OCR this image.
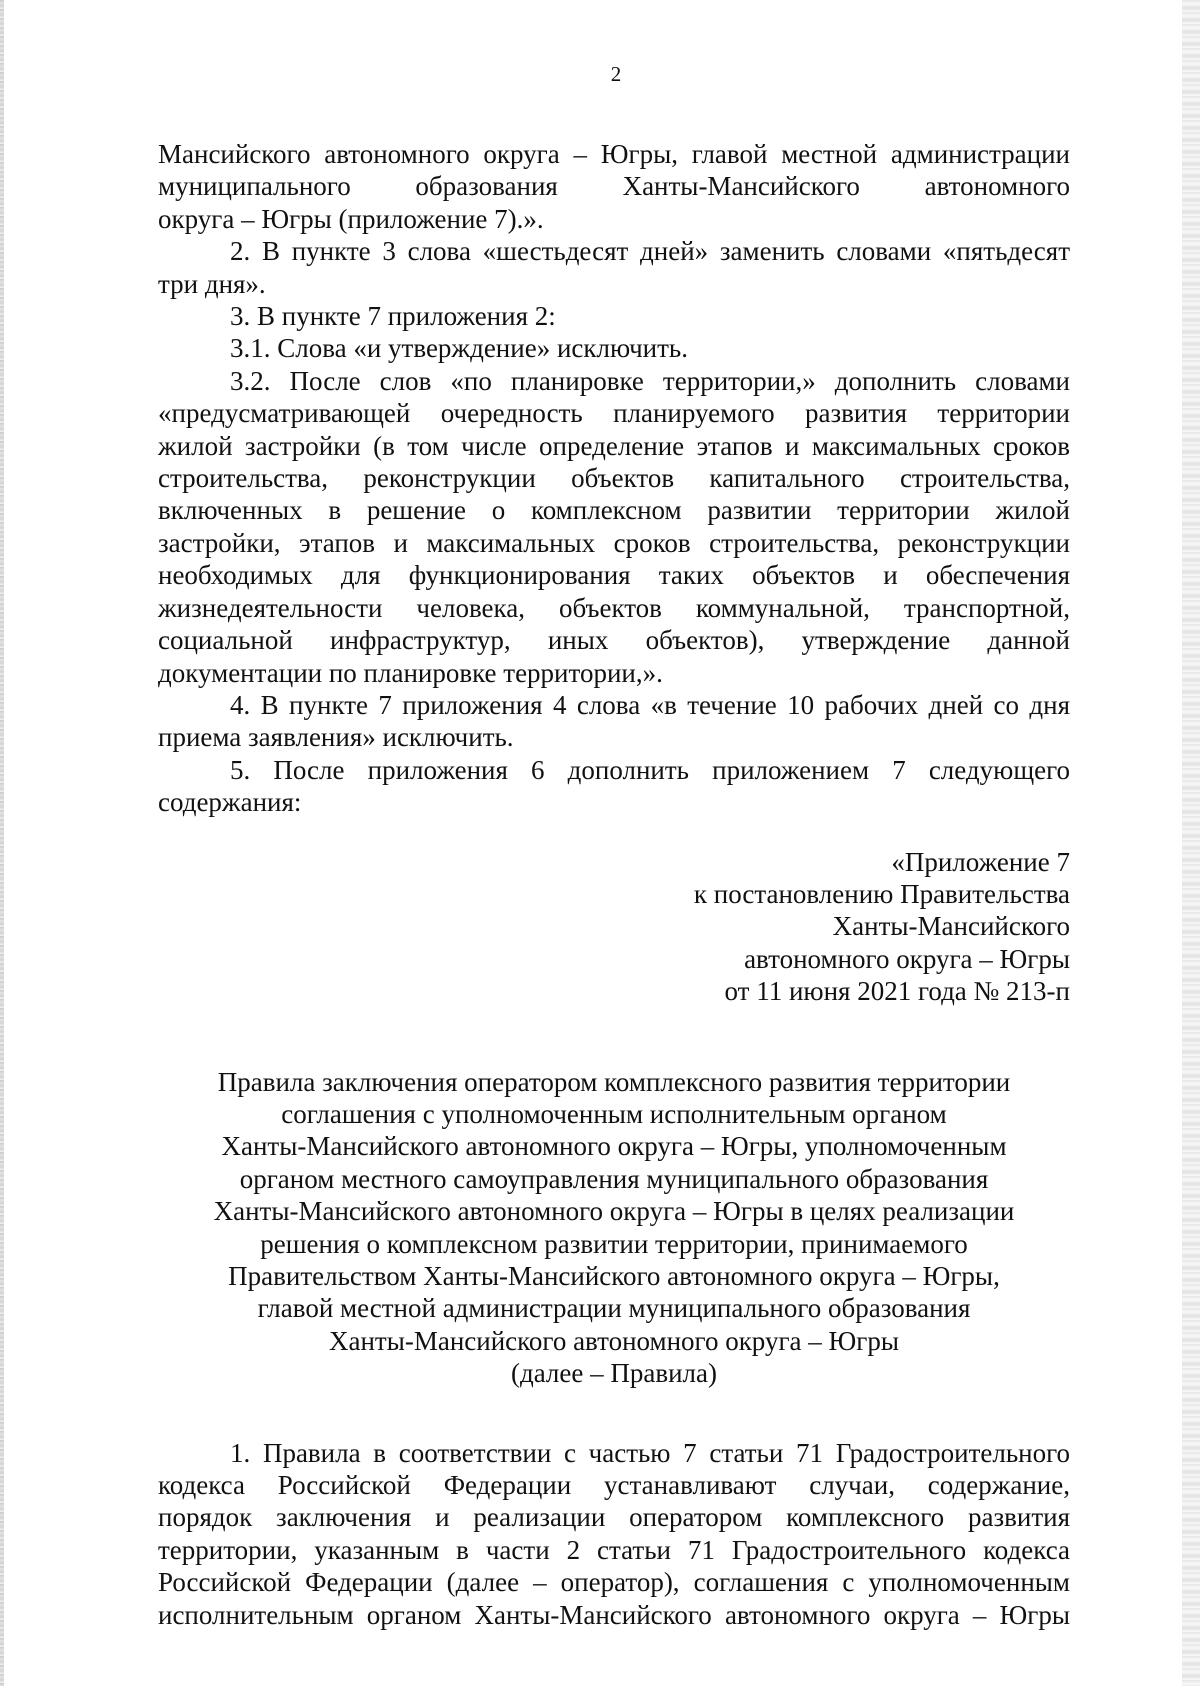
2

Мансийского автономного округа – Югры, главой местной администрации

муниципального образования Ханты-Мансийского автономного

округа – Югры (приложение 7).».

2. В пункте 3 слова «шестьдесят дней» заменить словами «пятьдесят

три дня».

3. В пункте 7 приложения 2:

3.1. Слова «и утверждение» исключить.

3.2. После слов «по планировке территории,» дополнить словами

«предусматривающей очередность планируемого развития территории

жилой застройки (в том числе определение этапов и максимальных сроков

строительства, реконструкции объектов капитального строительства,

включенных в решение о комплексном развитии территории жилой

застройки, этапов и максимальных сроков строительства, реконструкции

необходимых для функционирования таких объектов и обеспечения

жизнедеятельности человека, объектов коммунальной, транспортной,

социальной инфраструктур, иных объектов), утверждение данной

документации по планировке территории,».

4. В пункте 7 приложения 4 слова «в течение 10 рабочих дней со дня

приема заявления» исключить.

5. После приложения 6 дополнить приложением 7 следующего

содержания:

«Приложение 7
к постановлению Правительства
Ханты-Мансийского
автономного округа – Югры
от 11 июня 2021 года № 213-п

Правила заключения оператором комплексного развития территории
соглашения с уполномоченным исполнительным органом
Ханты-Мансийского автономного округа – Югры, уполномоченным
органом местного самоуправления муниципального образования
Ханты-Мансийского автономного округа – Югры в целях реализации
решения о комплексном развитии территории, принимаемого
Правительством Ханты-Мансийского автономного округа – Югры,
главой местной администрации муниципального образования
Ханты-Мансийского автономного округа – Югры
(далее – Правила)

1. Правила в соответствии с частью 7 статьи 71 Градостроительного

кодекса Российской Федерации устанавливают случаи, содержание,

порядок заключения и реализации оператором комплексного развития

территории, указанным в части 2 статьи 71 Градостроительного кодекса

Российской Федерации (далее – оператор), соглашения с уполномоченным

исполнительным органом Ханты-Мансийского автономного округа – Югры
